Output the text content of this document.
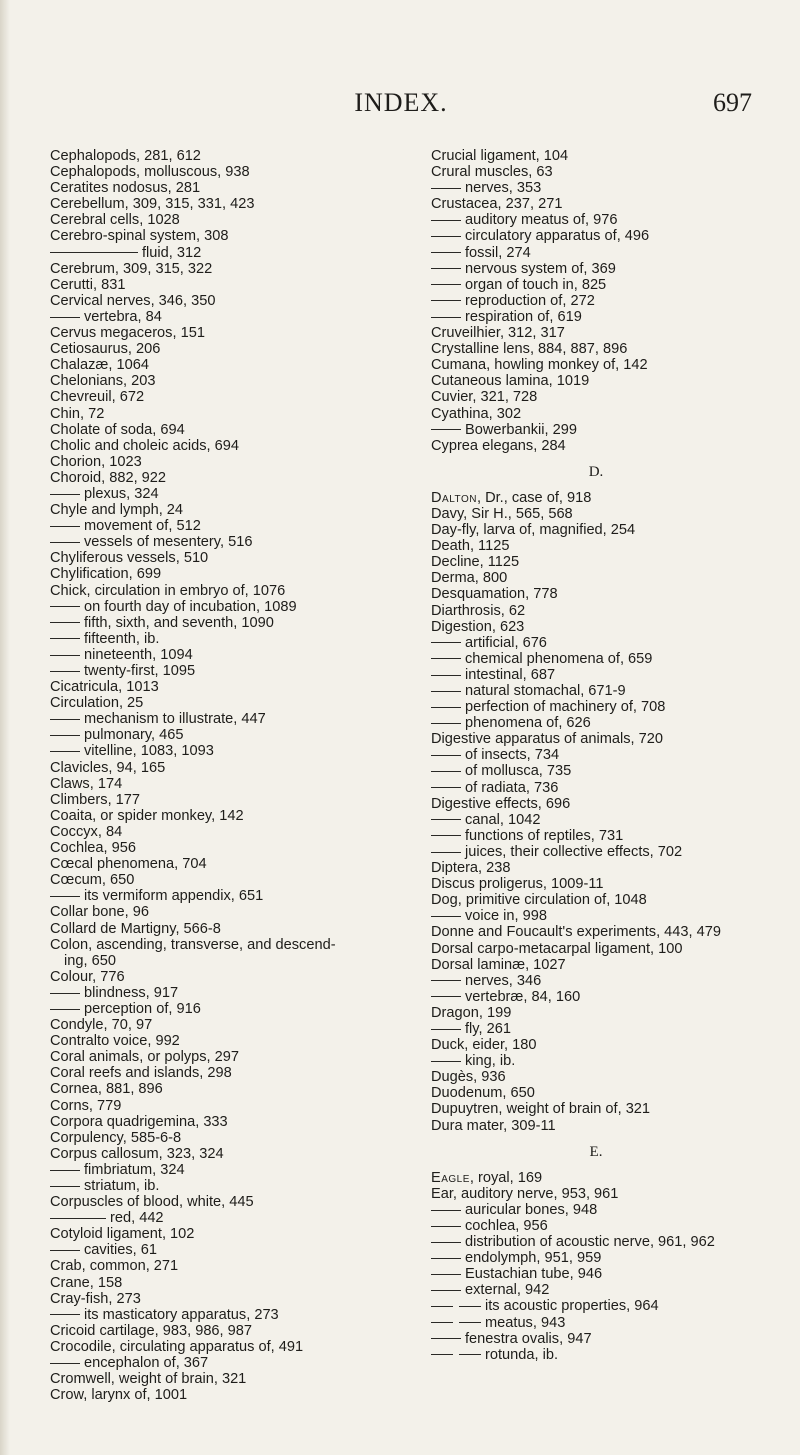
INDEX.	697
Cephalopods, 281, 612
Cephalopods, molluscous, 938
Ceratites nodosus, 281
Cerebellum, 309, 315, 331, 423
Cerebral cells, 1028
Cerebro-spinal system, 308
fluid, 312
Cerebrum, 309, 315, 322
Cerutti, 831
Cervical nerves, 346, 350
vertebra, 84
Cervus megaceros, 151
Cetiosaurus, 206
Chalazæ, 1064
Chelonians, 203
Chevreuil, 672
Chin, 72
Cholate of soda, 694
Cholic and choleic acids, 694
Chorion, 1023
Choroid, 882, 922
plexus, 324
Chyle and lymph, 24
movement of, 512
vessels of mesentery, 516
Chyliferous vessels, 510
Chylification, 699
Chick, circulation in embryo of, 1076
on fourth day of incubation, 1089
fifth, sixth, and seventh, 1090
fifteenth, ib.
nineteenth, 1094
twenty-first, 1095
Cicatricula, 1013
Circulation, 25
mechanism to illustrate, 447
pulmonary, 465
vitelline, 1083, 1093
Clavicles, 94, 165
Claws, 174
Climbers, 177
Coaita, or spider monkey, 142
Coccyx, 84
Cochlea, 956
Cœcal phenomena, 704
Cœcum, 650
its vermiform appendix, 651
Collar bone, 96
Collard de Martigny, 566-8
Colon, ascending, transverse, and descend-
ing, 650
Colour, 776
blindness, 917
perception of, 916
Condyle, 70, 97
Contralto voice, 992
Coral animals, or polyps, 297
Coral reefs and islands, 298
Cornea, 881, 896
Corns, 779
Corpora quadrigemina, 333
Corpulency, 585-6-8
Corpus callosum, 323, 324
fimbriatum, 324
striatum, ib.
Corpuscles of blood, white, 445
red, 442
Cotyloid ligament, 102
cavities, 61
Crab, common, 271
Crane, 158
Cray-fish, 273
its masticatory apparatus, 273
Cricoid cartilage, 983, 986, 987
Crocodile, circulating apparatus of, 491
encephalon of, 367
Cromwell, weight of brain, 321
Crow, larynx of, 1001
Crucial ligament, 104
Crural muscles, 63
nerves, 353
Crustacea, 237, 271
auditory meatus of, 976
circulatory apparatus of, 496
fossil, 274
nervous system of, 369
organ of touch in, 825
reproduction of, 272
respiration of, 619
Cruveilhier, 312, 317
Crystalline lens, 884, 887, 896
Cumana, howling monkey of, 142
Cutaneous lamina, 1019
Cuvier, 321, 728
Cyathina, 302
Bowerbankii, 299
Cyprea elegans, 284
D.
Dalton, Dr., case of, 918
Davy, Sir H., 565, 568
Day-fly, larva of, magnified, 254
Death, 1125
Decline, 1125
Derma, 800
Desquamation, 778
Diarthrosis, 62
Digestion, 623
artificial, 676
chemical phenomena of, 659
intestinal, 687
natural stomachal, 671-9
perfection of machinery of, 708
phenomena of, 626
Digestive apparatus of animals, 720
of insects, 734
of mollusca, 735
of radiata, 736
Digestive effects, 696
canal, 1042
functions of reptiles, 731
juices, their collective effects, 702
Diptera, 238
Discus proligerus, 1009-11
Dog, primitive circulation of, 1048
voice in, 998
Donne and Foucault's experiments, 443, 479
Dorsal carpo-metacarpal ligament, 100
Dorsal laminæ, 1027
nerves, 346
vertebræ, 84, 160
Dragon, 199
fly, 261
Duck, eider, 180
king, ib.
Dugès, 936
Duodenum, 650
Dupuytren, weight of brain of, 321
Dura mater, 309-11
E.
Eagle, royal, 169
Ear, auditory nerve, 953, 961
auricular bones, 948
cochlea, 956
distribution of acoustic nerve, 961, 962
endolymph, 951, 959
Eustachian tube, 946
external, 942
its acoustic properties, 964
meatus, 943
fenestra ovalis, 947
rotunda, ib.
